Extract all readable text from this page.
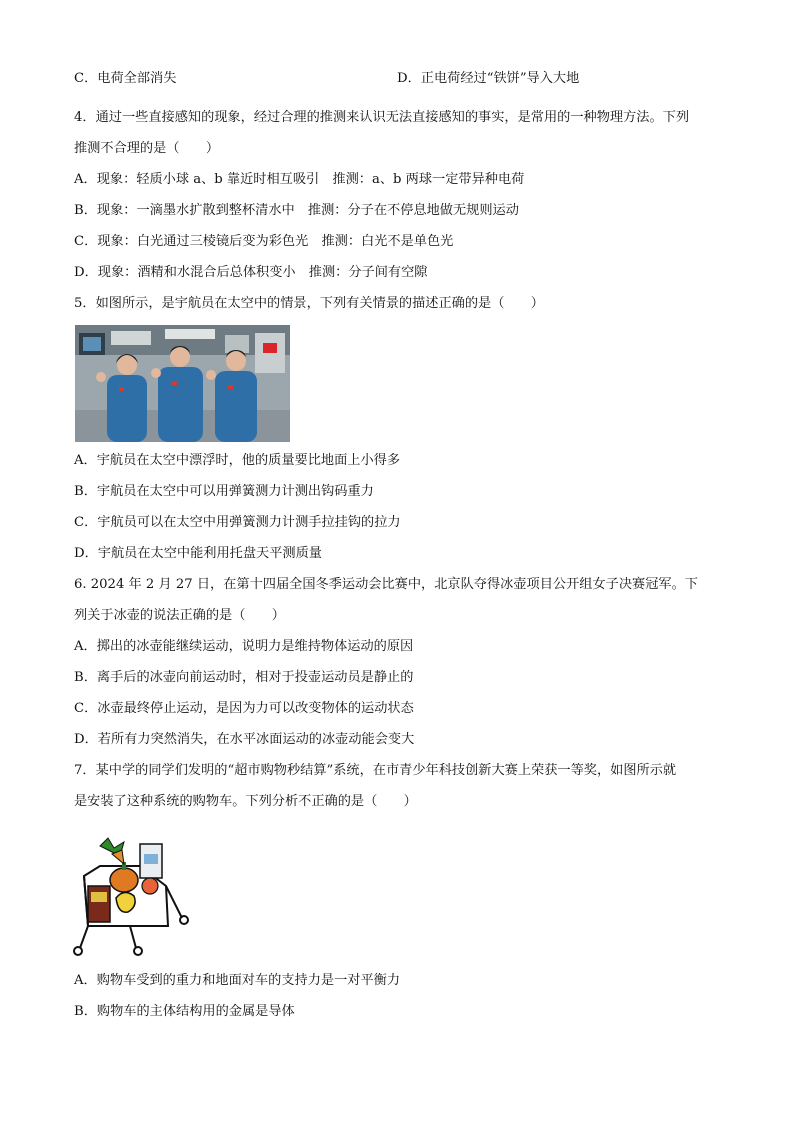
C．电荷全部消失	D．正电荷经过“铁饼”导入大地
4．通过一些直接感知的现象，经过合理的推测来认识无法直接感知的事实，是常用的一种物理方法。下列
推测不合理的是（　　）
A．现象：轻质小球 a、b 靠近时相互吸引　推测：a、b 两球一定带异种电荷
B．现象：一滴墨水扩散到整杯清水中　推测：分子在不停息地做无规则运动
C．现象：白光通过三棱镜后变为彩色光　推测：白光不是单色光
D．现象：酒精和水混合后总体积变小　推测：分子间有空隙
5．如图所示，是宇航员在太空中的情景，下列有关情景的描述正确的是（　　）
A．宇航员在太空中漂浮时，他的质量要比地面上小得多
B．宇航员在太空中可以用弹簧测力计测出钩码重力
C．宇航员可以在太空中用弹簧测力计测手拉挂钩的拉力
D．宇航员在太空中能利用托盘天平测质量
6. 2024 年 2 月 27 日，在第十四届全国冬季运动会比赛中，北京队夺得冰壶项目公开组女子决赛冠军。下
列关于冰壶的说法正确的是（　　）
A．掷出的冰壶能继续运动，说明力是维持物体运动的原因
B．离手后的冰壶向前运动时，相对于投壶运动员是静止的
C．冰壶最终停止运动，是因为力可以改变物体的运动状态
D．若所有力突然消失，在水平冰面运动的冰壶动能会变大
7．某中学的同学们发明的“超市购物秒结算”系统，在市青少年科技创新大赛上荣获一等奖，如图所示就
是安装了这种系统的购物车。下列分析不正确的是（　　）
A．购物车受到的重力和地面对车的支持力是一对平衡力
B．购物车的主体结构用的金属是导体
